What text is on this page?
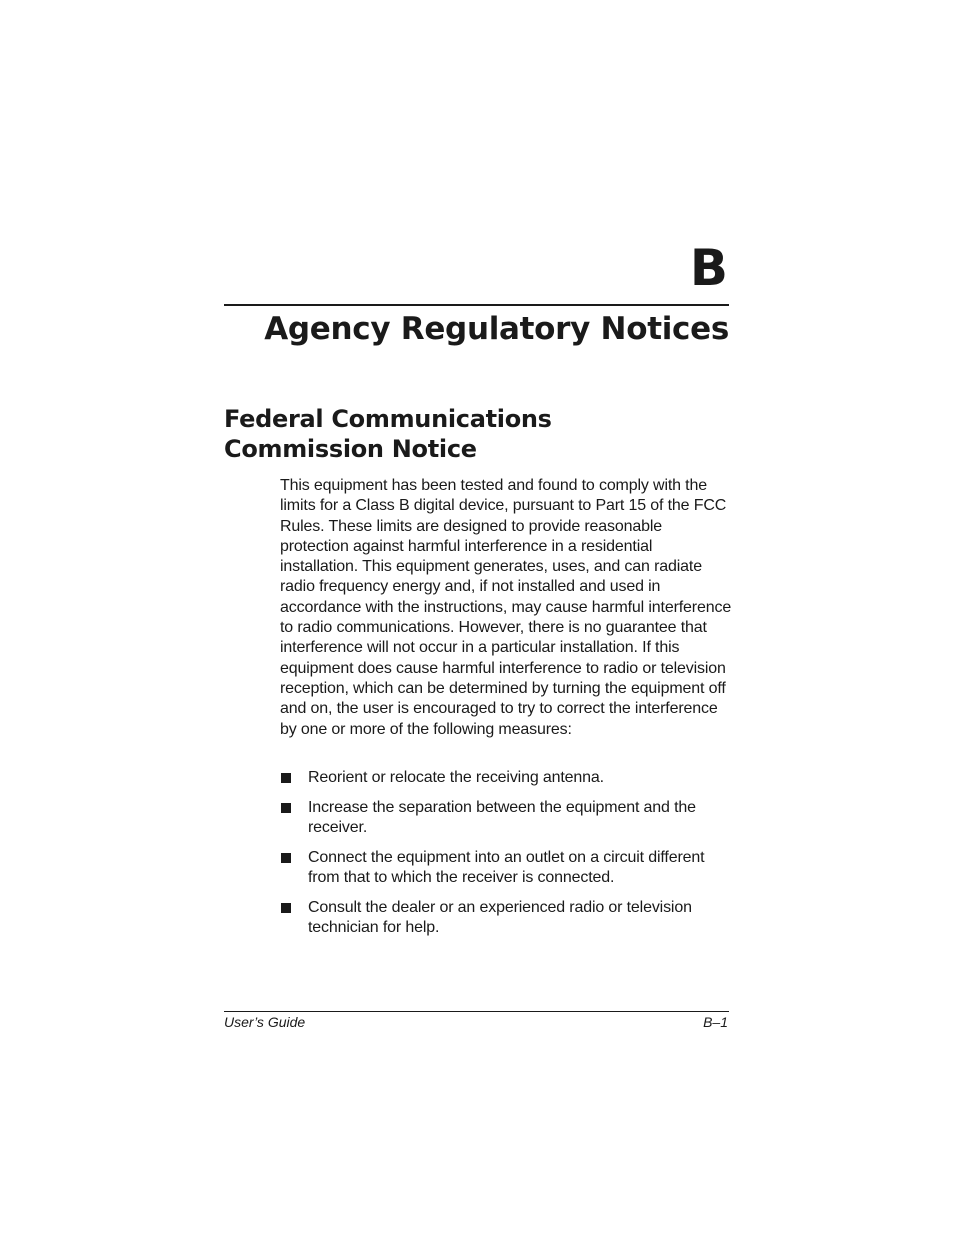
B
Agency Regulatory Notices
Federal Communications
Commission Notice

This equipment has been tested and found to comply with the limits for a Class B digital device, pursuant to Part 15 of the FCC Rules. These limits are designed to provide reasonable protection against harmful interference in a residential installation. This equipment generates, uses, and can radiate radio frequency energy and, if not installed and used in accordance with the instructions, may cause harmful interference to radio communications. However, there is no guarantee that interference will not occur in a particular installation. If this equipment does cause harmful interference to radio or television reception, which can be determined by turning the equipment off and on, the user is encouraged to try to correct the interference by one or more of the following measures:

Reorient or relocate the receiving antenna.
Increase the separation between the equipment and the receiver.
Connect the equipment into an outlet on a circuit different from that to which the receiver is connected.
Consult the dealer or an experienced radio or television technician for help.
User’s Guide	B–1
